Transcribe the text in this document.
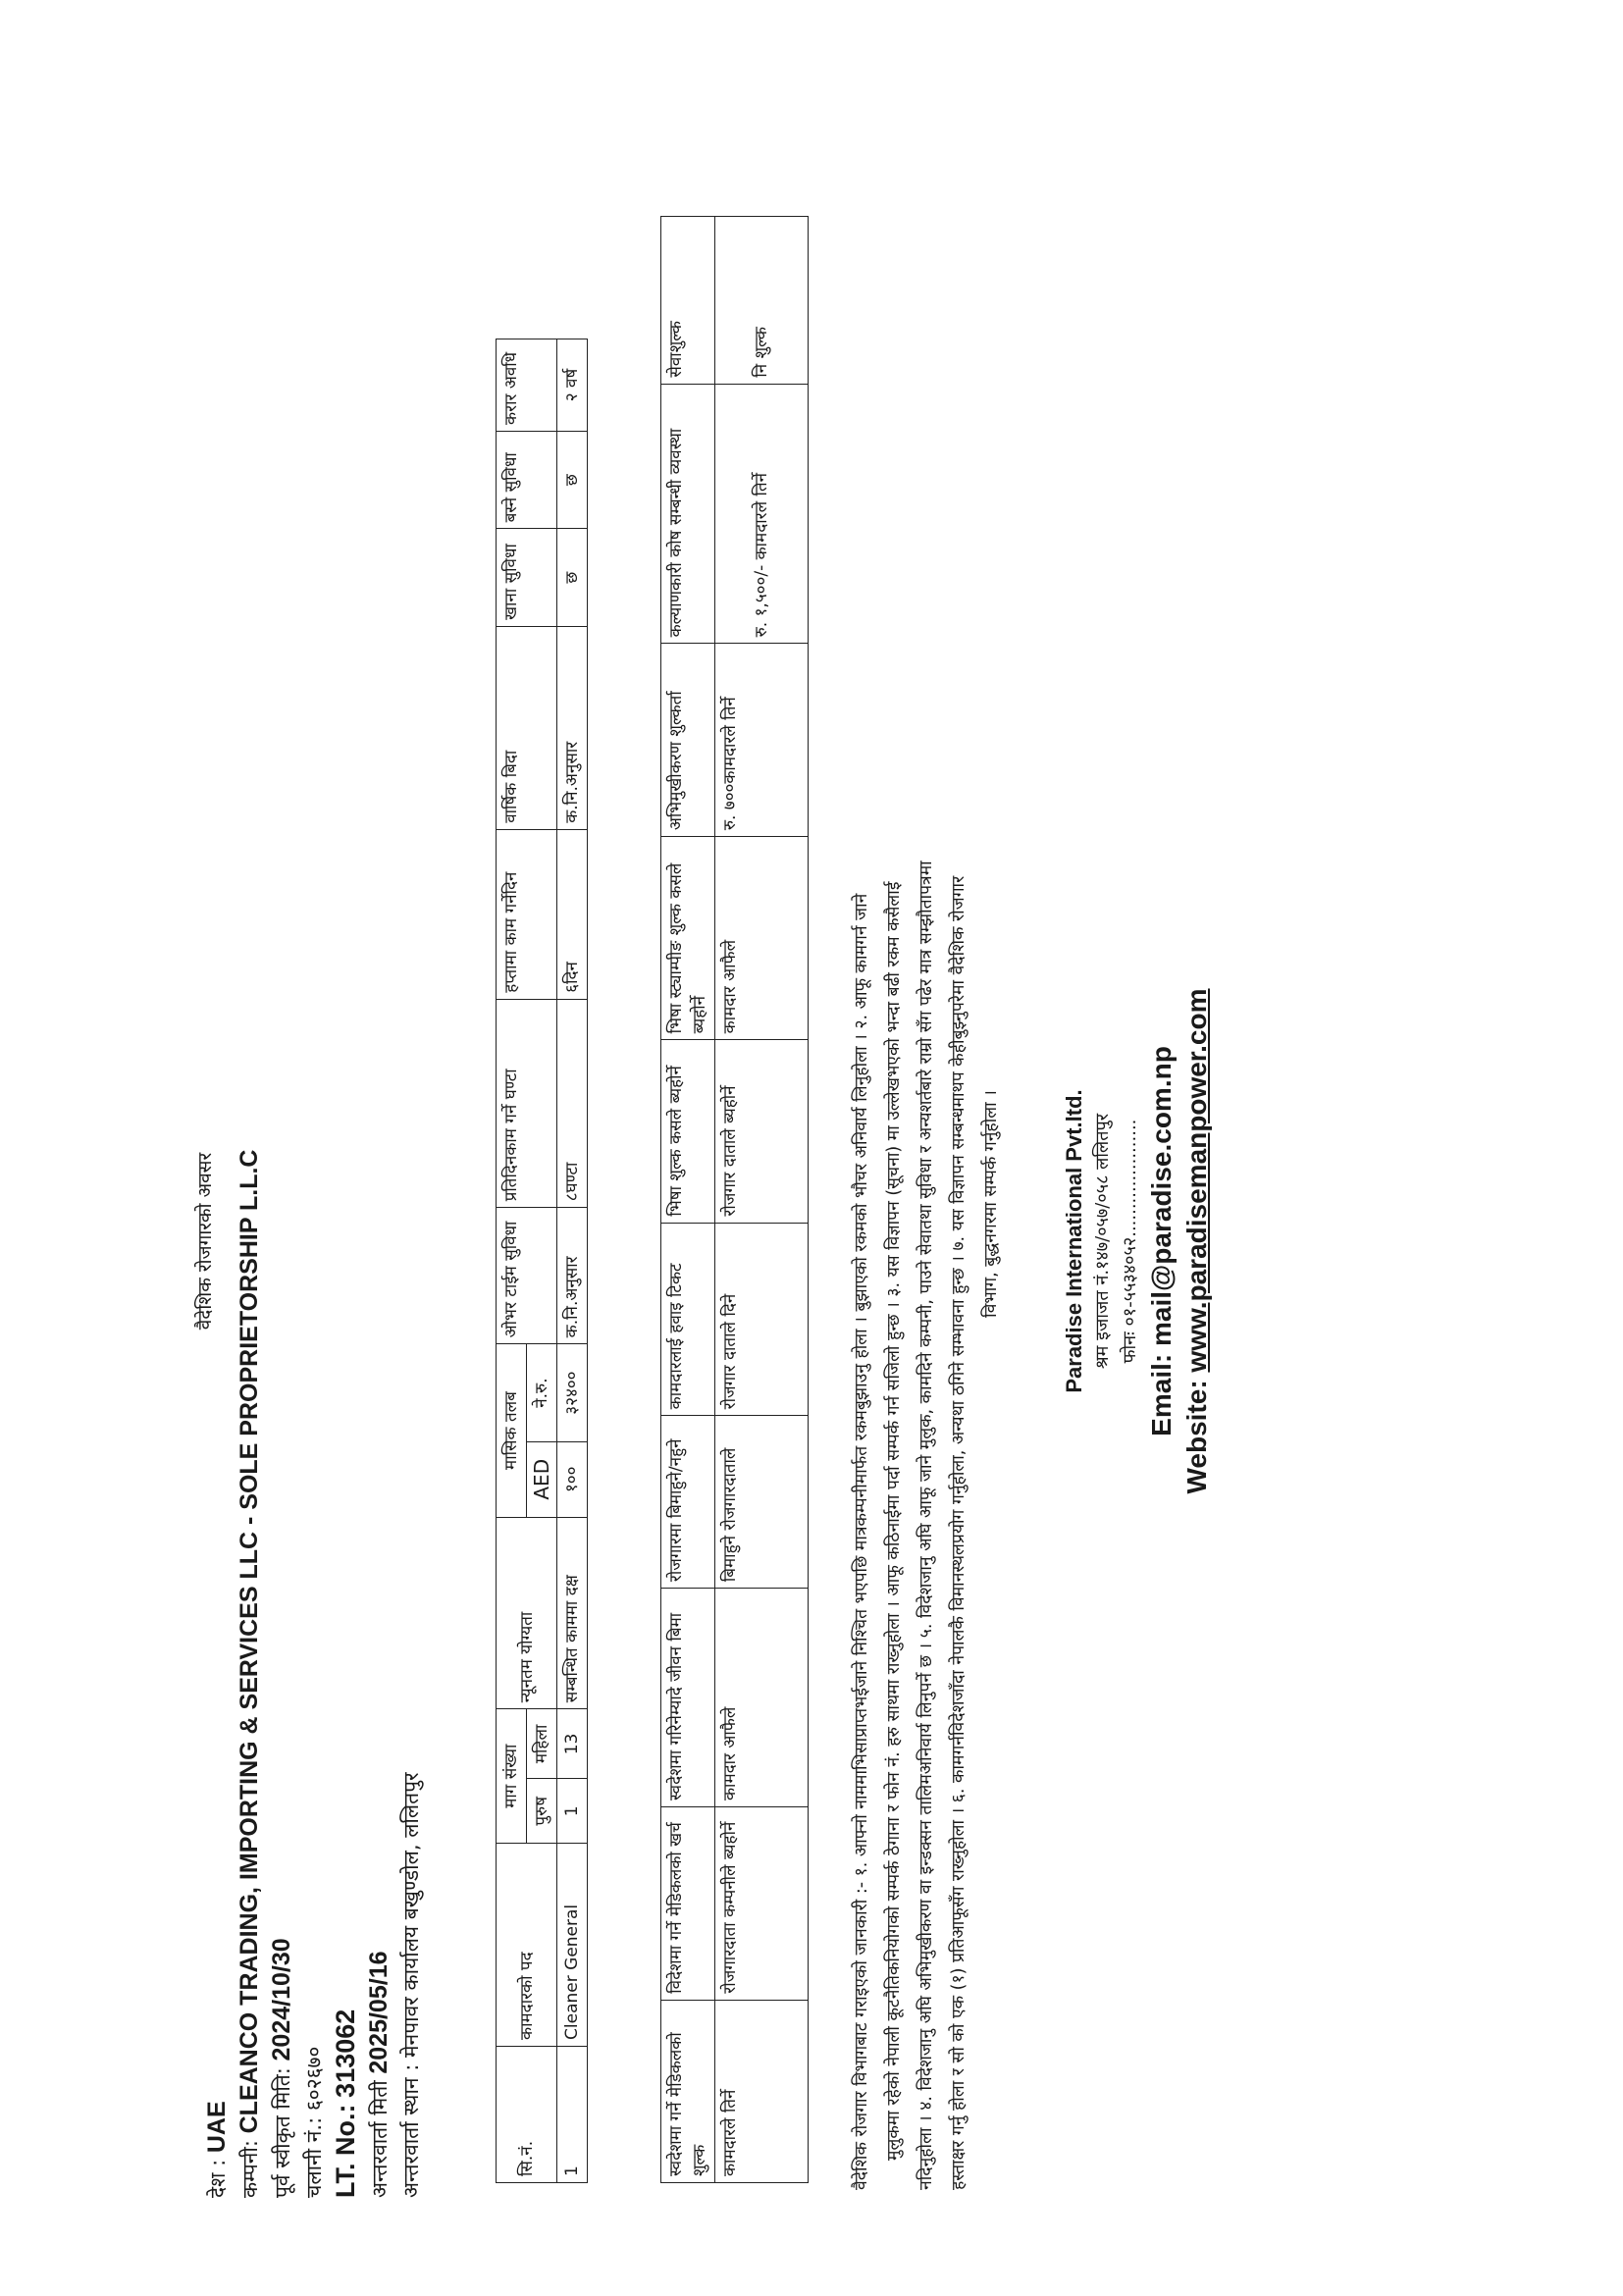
वैदेशिक रोजगारको अवसर
देश : UAE
कम्पनी: CLEANCO TRADING, IMPORTING & SERVICES LLC - SOLE PROPRIETORSHIP L.L.C पूर्व स्वीकृत मिति: 2024/10/30
चलानी नं.: ६०२६७०
LT. No.: 313062
अन्तरवार्ता मिती 2025/05/16
अन्तरवार्ता स्थान : मेनपावर कार्यालय बखुण्डोल, ललितपुर
सि.नं.	कामदारको पद	माग संख्या		न्यूनतम योग्यता	मासिक तलब		ओभर टाईम सुविधा	प्रतिदिनकाम गर्ने घण्टा	हप्तामा काम गर्नेदिन	वार्षिक बिदा	खाना सुविधा	बस्ने सुविधा	करार अवधि
		पुरुष	महिला		AED	ने.रु.							
1	Cleaner General	1	13	सम्बन्धित काममा दक्ष	१००	३२४००	क.नि.अनुसार	८घण्टा	६दिन	क.नि.अनुसार	छ	छ	२ वर्ष
स्वदेशमा गर्ने मेडिकलको शुल्क	विदेशमा गर्ने मेडिकलको खर्च	स्वदेशमा गरिनेम्यादे जीवन बिमा	रोजगारमा बिमाहुने/नहुने	कामदारलाई हवाइ टिकट	भिषा शुल्क कसले ब्यहोर्ने	भिषा स्ट्याम्पीङ शुल्क कसले ब्यहोर्ने	अभिमुखीकरण शुल्कर्ता	कल्याणकारी कोष सम्बन्धी व्यवस्था	सेवाशुल्क
कामदारले तिर्ने	रोजगारदाता कम्पनीले ब्यहोर्ने	कामदार आफैले	बिमाहुने रोजगारदाताले	रोजगार दाताले दिने	रोजगार दाताले ब्यहोर्ने	कामदार आफैले	रु. ७००कामदारले तिर्ने	रु. १,५००/- कामदारले तिर्ने	नि शुल्क
वैदेशिक रोजगार विभागबाट गराइएको जानकारी :- १. आफ्नो नाममाभिसाप्राप्तभईजाने निश्चित भएपछि मात्रकम्पनीमार्फत रकमबुझाउनु होला । बुझाएको रकमको भौचर अनिवार्य लिनुहोला । २. आफू कामगर्न जाने मुलुकमा रहेको नेपाली कूटनैतिकनियोगको सम्पर्क ठेगाना र फोन नं. हरु साथमा राख्नुहोला । आफू कठिनाईमा पर्दा सम्पर्क गर्न सजिलो हुन्छ । ३. यस विज्ञापन (सूचना) मा उल्लेखभएको भन्दा बढी रकम कसैलाई नदिनुहोला । ४. विदेशजानु अघि अभिमुखीकरण वा इन्डक्सन तालिमअनिवार्य लिनुपर्ने छ । ५. विदेशजानु अघि आफू जाने मुलुक, कामदिने कम्पनी, पाउने सेवातथा सुविधा र अन्यशर्तबारे राम्रो सँग पढेर मात्र सम्झौतापत्रमा हस्ताक्षर गर्नु होला र सो को एक (१) प्रतिआफूसँग राख्नुहोला । ६. कामगर्नविदेशजाँदा नेपालकै विमानस्थलप्रयोग गर्नुहोला, अन्यथा ठगिने सम्भावना हुन्छ । ७. यस विज्ञापन सम्बन्धमाथप केहीबुझ्नुपरेमा वैदेशिक रोजगार विभाग, बुद्धनगरमा सम्पर्क गर्नुहोला ।	Paradise International Pvt.ltd. श्रम इजाजत नं.१४७/०५७/०५८ ललितपुर फोनः ०१-५५३४०५२..................... Email: mail@paradise.com.np Website: www.paradisemanpower.com
